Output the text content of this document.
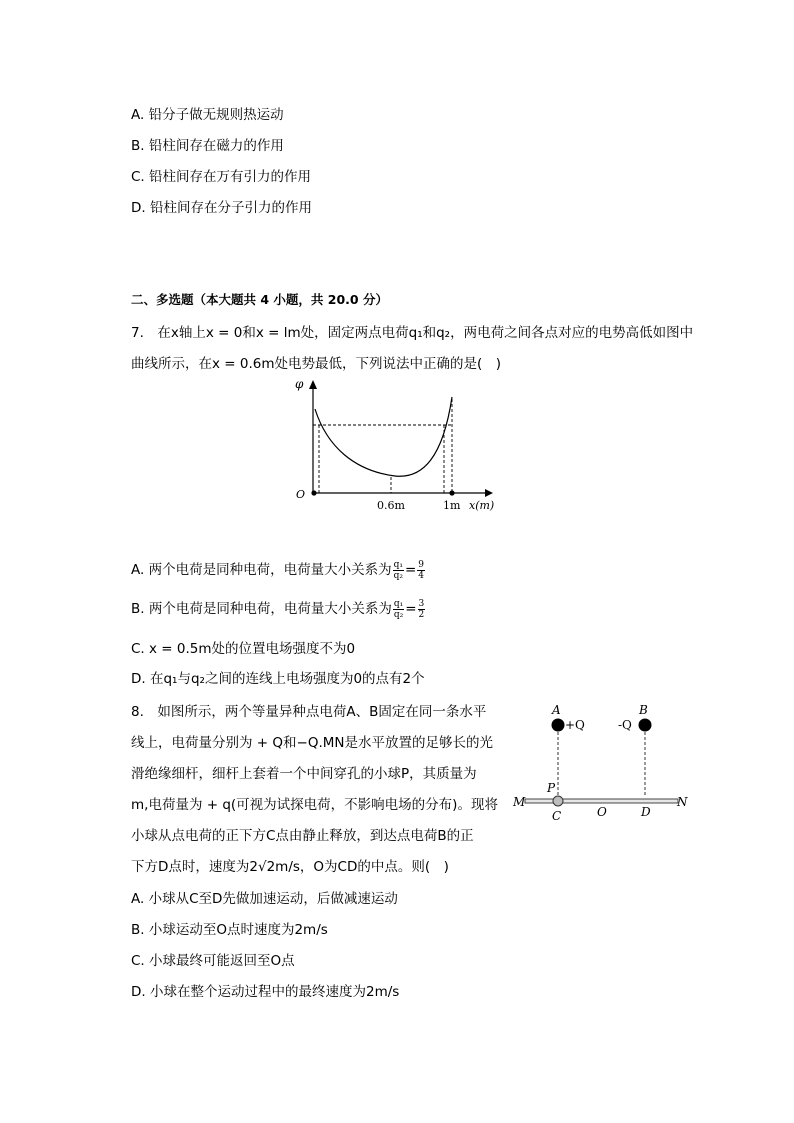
A. 铅分子做无规则热运动
B. 铅柱间存在磁力的作用
C. 铅柱间存在万有引力的作用
D. 铅柱间存在分子引力的作用
二、多选题（本大题共 4 小题，共 20.0 分）
7.　在x轴上x = 0和x = lm处，固定两点电荷q₁和q₂，两电荷之间各点对应的电势高低如图中
曲线所示，在x = 0.6m处电势最低，下列说法中正确的是(　)
φ
O
0.6m	1m x(m)
A. 两个电荷是同种电荷，电荷量大小关系为 $\frac{\text{q₁}}{\text{q₂}} = \frac{9}{4}$
B. 两个电荷是同种电荷，电荷量大小关系为 $\frac{\text{q₁}}{\text{q₂}} = \frac{3}{2}$
C. x = 0.5m处的位置电场强度不为0
D. 在q₁与q₂之间的连线上电场强度为0的点有2个
8.　如图所示，两个等量异种点电荷A、B固定在同一条水平
线上，电荷量分别为 + Q和−Q.MN是水平放置的足够长的光
滑绝缘细杆，细杆上套着一个中间穿孔的小球P，其质量为
m,电荷量为 + q(可视为试探电荷，不影响电场的分布)。现将
小球从点电荷的正下方C点由静止释放，到达点电荷B的正
下方D点时，速度为2√2m/s，O为CD的中点。则(　)
A. 小球从C至D先做加速运动，后做减速运动
B. 小球运动至O点时速度为2m/s
C. 小球最终可能返回至O点
D. 小球在整个运动过程中的最终速度为2m/s
A	B
+Q	-Q
P
M	N
C	O	D
